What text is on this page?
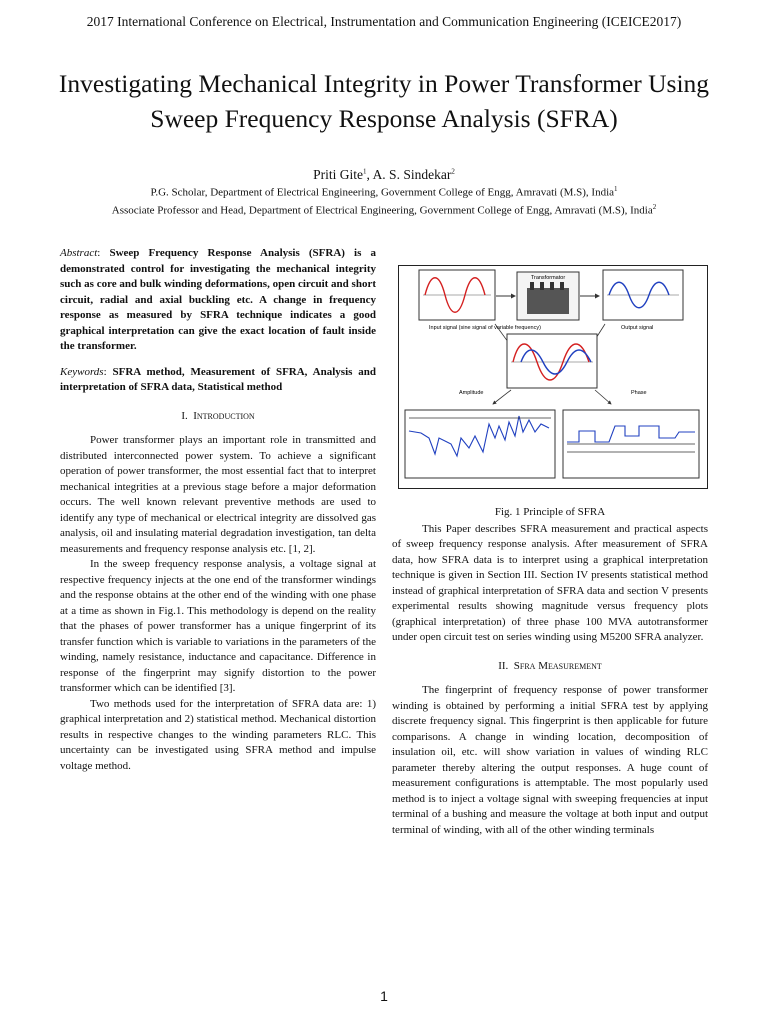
2017 International Conference on Electrical, Instrumentation and Communication Engineering (ICEICE2017)
Investigating Mechanical Integrity in Power Transformer Using Sweep Frequency Response Analysis (SFRA)
Priti Gite$^1$, A. S. Sindekar$^2$
P.G. Scholar, Department of Electrical Engineering, Government College of Engg, Amravati (M.S), India$^1$
Associate Professor and Head, Department of Electrical Engineering, Government College of Engg, Amravati (M.S), India$^2$

Abstract: Sweep Frequency Response Analysis (SFRA) is a demonstrated control for investigating the mechanical integrity such as core and bulk winding deformations, open circuit and short circuit, radial and axial buckling etc. A change in frequency response as measured by SFRA technique indicates a good graphical interpretation can give the exact location of fault inside the transformer.

Keywords: SFRA method, Measurement of SFRA, Analysis and interpretation of SFRA data, Statistical method

I. Introduction

Power transformer plays an important role in transmitted and distributed interconnected power system. To achieve a significant operation of power transformer, the most essential fact that to interpret mechanical integrities at a previous stage before a major deformation occurs. The well known relevant preventive methods are used to identify any type of mechanical or electrical integrity are dissolved gas analysis, oil and insulating material degradation investigation, tan delta measurements and frequency response analysis etc. [1, 2].

In the sweep frequency response analysis, a voltage signal at respective frequency injects at the one end of the transformer windings and the response obtains at the other end of the winding with one phase at a time as shown in Fig.1. This methodology is depend on the reality that the phases of power transformer has a unique fingerprint of its transfer function which is variable to variations in the parameters of the winding, namely resistance, inductance and capacitance. Difference in response of the fingerprint may signify distortion to the power transformer which can be identified [3].

Two methods used for the interpretation of SFRA data are: 1) graphical interpretation and 2) statistical method. Mechanical distortion results in respective changes to the winding parameters RLC. This uncertainty can be investigated using SFRA method and impulse voltage method.

Transformator
Input signal (sine signal of variable frequency)	Output signal
Amplitude	Phase

Fig. 1 Principle of SFRA

This Paper describes SFRA measurement and practical aspects of sweep frequency response analysis. After measurement of SFRA data, how SFRA data is to interpret using a graphical interpretation technique is given in Section III. Section IV presents statistical method instead of graphical interpretation of SFRA data and section V presents experimental results showing magnitude versus frequency plots (graphical interpretation) of three phase 100 MVA autotransformer under open circuit test on series winding using M5200 SFRA analyzer.

II. Sfra Measurement

The fingerprint of frequency response of power transformer winding is obtained by performing a initial SFRA test by applying discrete frequency signal. This fingerprint is then applicable for future comparisons. A change in winding location, decomposition of insulation oil, etc. will show variation in values of winding RLC parameter thereby altering the output responses. A huge count of measurement configurations is attemptable. The most popularly used method is to inject a voltage signal with sweeping frequencies at input terminal of a bushing and measure the voltage at both input and output terminal of winding, with all of the other winding terminals

1
